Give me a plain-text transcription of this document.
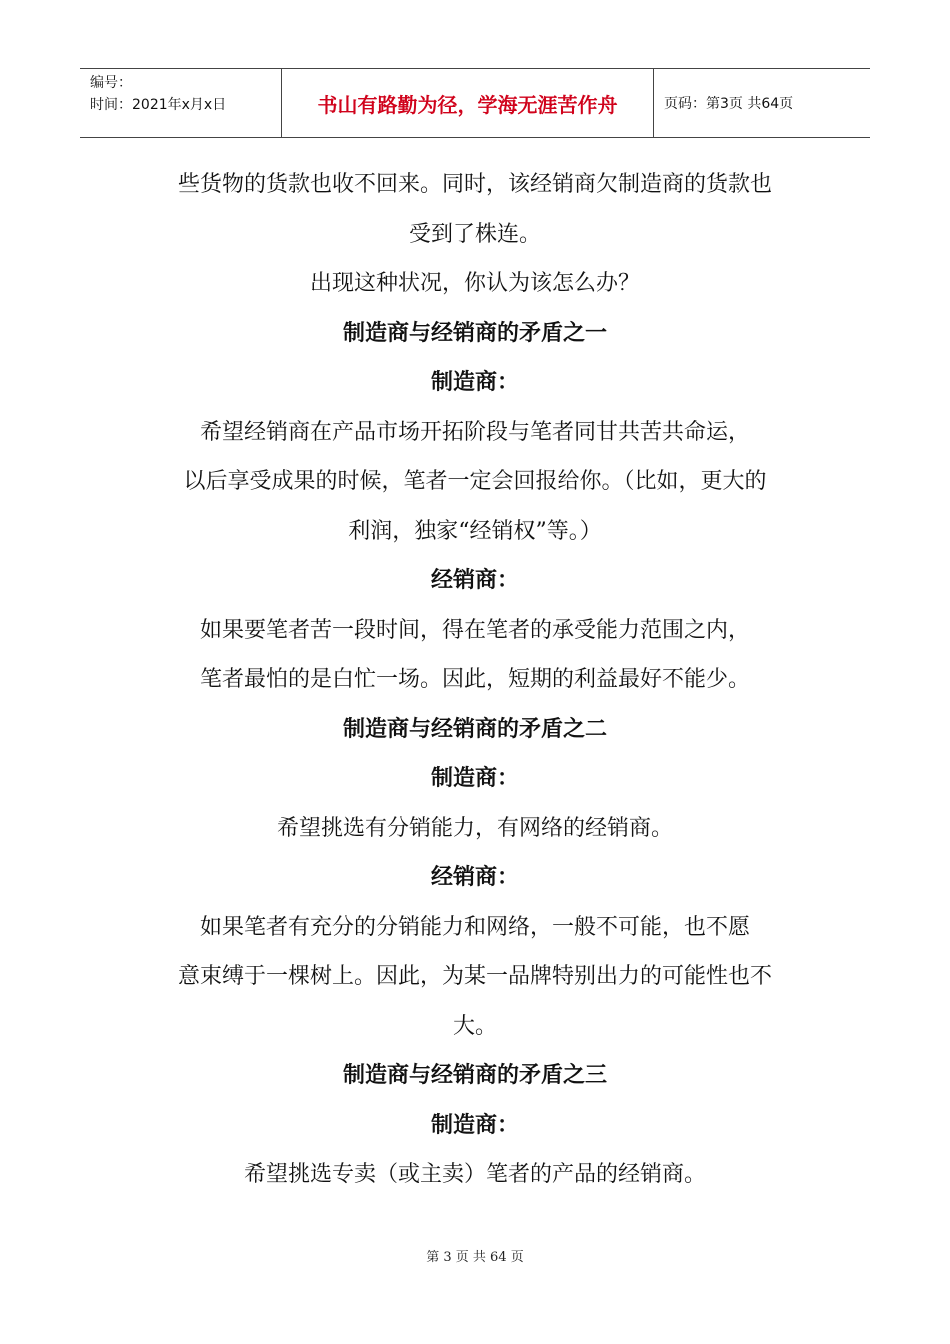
编号：
时间：2021年x月x日	书山有路勤为径，学海无涯苦作舟	页码：第3页 共64页

些货物的货款也收不回来。同时，该经销商欠制造商的货款也

受到了株连。

出现这种状况，你认为该怎么办？

制造商与经销商的矛盾之一

制造商：

希望经销商在产品市场开拓阶段与笔者同甘共苦共命运，

以后享受成果的时候，笔者一定会回报给你。（比如，更大的

利润，独家“经销权”等。）

经销商：

如果要笔者苦一段时间，得在笔者的承受能力范围之内，

笔者最怕的是白忙一场。因此，短期的利益最好不能少。

制造商与经销商的矛盾之二

制造商：

希望挑选有分销能力，有网络的经销商。

经销商：

如果笔者有充分的分销能力和网络，一般不可能，也不愿

意束缚于一棵树上。因此，为某一品牌特别出力的可能性也不

大。

制造商与经销商的矛盾之三

制造商：

希望挑选专卖（或主卖）笔者的产品的经销商。

第 3 页 共 64 页
